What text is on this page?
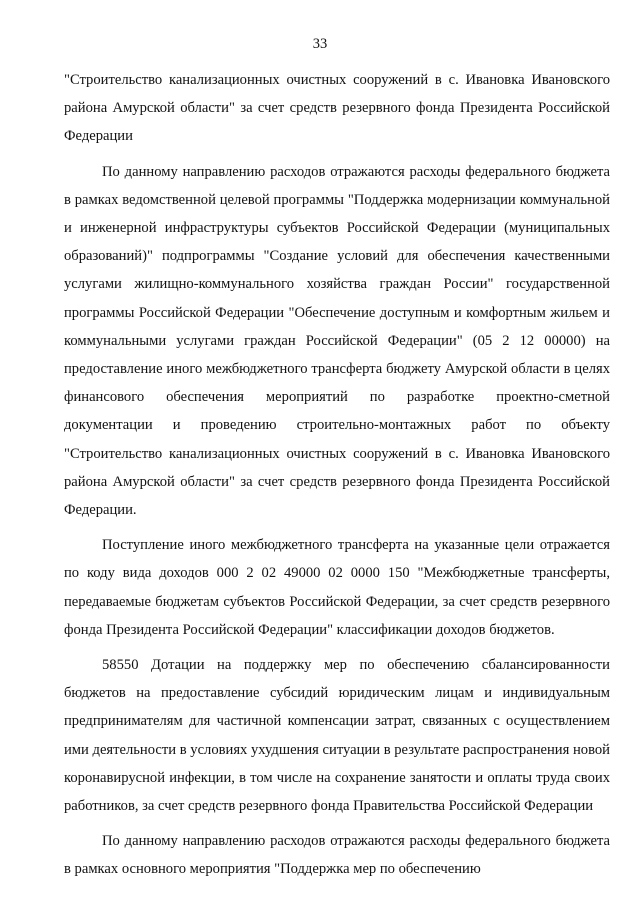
33

"Строительство канализационных очистных сооружений в с. Ивановка Ивановского района Амурской области" за счет средств резервного фонда Президента Российской Федерации

По данному направлению расходов отражаются расходы федерального бюджета в рамках ведомственной целевой программы "Поддержка модернизации коммунальной и инженерной инфраструктуры субъектов Российской Федерации (муниципальных образований)" подпрограммы "Создание условий для обеспечения качественными услугами жилищно-коммунального хозяйства граждан России" государственной программы Российской Федерации "Обеспечение доступным и комфортным жильем и коммунальными услугами граждан Российской Федерации" (05 2 12 00000) на предоставление иного межбюджетного трансферта бюджету Амурской области в целях финансового обеспечения мероприятий по разработке проектно-сметной документации и проведению строительно-монтажных работ по объекту "Строительство канализационных очистных сооружений в с. Ивановка Ивановского района Амурской области" за счет средств резервного фонда Президента Российской Федерации.

Поступление иного межбюджетного трансферта на указанные цели отражается по коду вида доходов 000 2 02 49000 02 0000 150 "Межбюджетные трансферты, передаваемые бюджетам субъектов Российской Федерации, за счет средств резервного фонда Президента Российской Федерации" классификации доходов бюджетов.

58550 Дотации на поддержку мер по обеспечению сбалансированности бюджетов на предоставление субсидий юридическим лицам и индивидуальным предпринимателям для частичной компенсации затрат, связанных с осуществлением ими деятельности в условиях ухудшения ситуации в результате распространения новой коронавирусной инфекции, в том числе на сохранение занятости и оплаты труда своих работников, за счет средств резервного фонда Правительства Российской Федерации

По данному направлению расходов отражаются расходы федерального бюджета в рамках основного мероприятия "Поддержка мер по обеспечению
